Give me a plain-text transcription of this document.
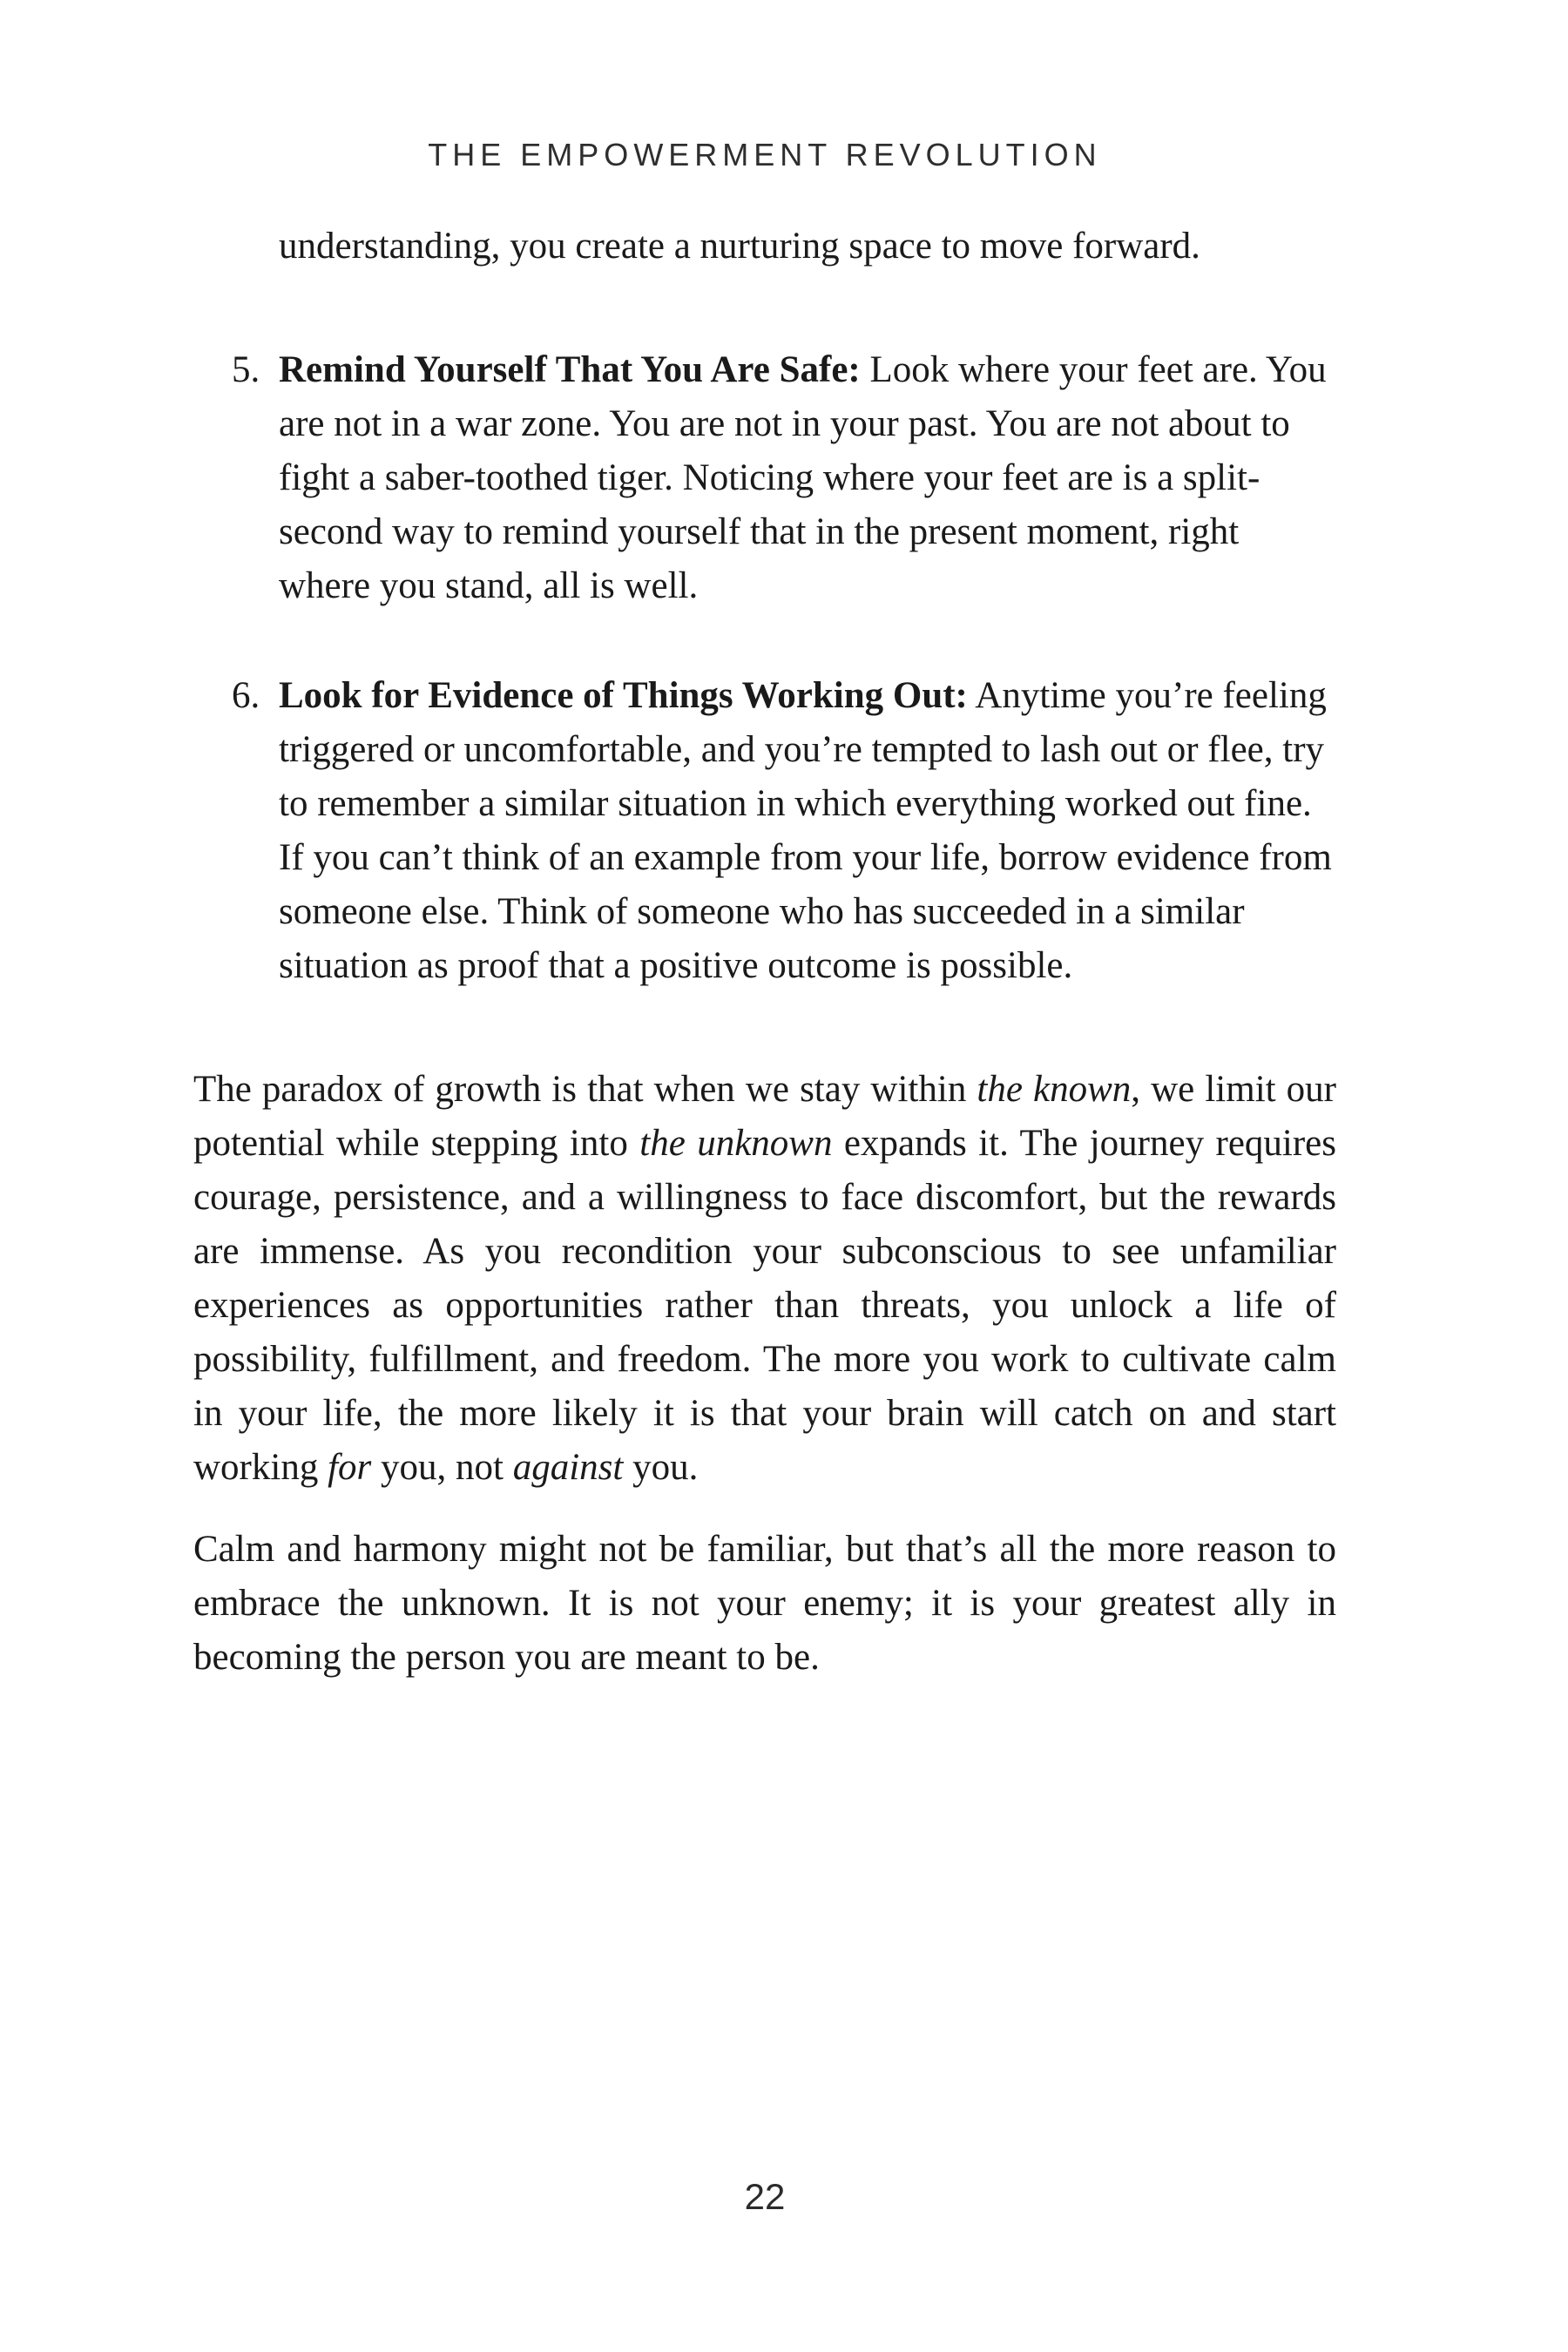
THE EMPOWERMENT REVOLUTION

understanding, you create a nurturing space to move forward.

5. Remind Yourself That You Are Safe: Look where your feet are. You are not in a war zone. You are not in your past. You are not about to fight a saber-toothed tiger. Noticing where your feet are is a split-second way to remind yourself that in the present moment, right where you stand, all is well.

6. Look for Evidence of Things Working Out: Anytime you’re feeling triggered or uncomfortable, and you’re tempted to lash out or flee, try to remember a similar situation in which everything worked out fine. If you can’t think of an example from your life, borrow evidence from someone else. Think of someone who has succeeded in a similar situation as proof that a positive outcome is possible.

The paradox of growth is that when we stay within the known, we limit our potential while stepping into the unknown expands it. The journey requires courage, persistence, and a willingness to face discomfort, but the rewards are immense. As you recondition your subconscious to see unfamiliar experiences as opportunities rather than threats, you unlock a life of possibility, fulfillment, and freedom. The more you work to cultivate calm in your life, the more likely it is that your brain will catch on and start working for you, not against you.

Calm and harmony might not be familiar, but that’s all the more reason to embrace the unknown. It is not your enemy; it is your greatest ally in becoming the person you are meant to be.

22
